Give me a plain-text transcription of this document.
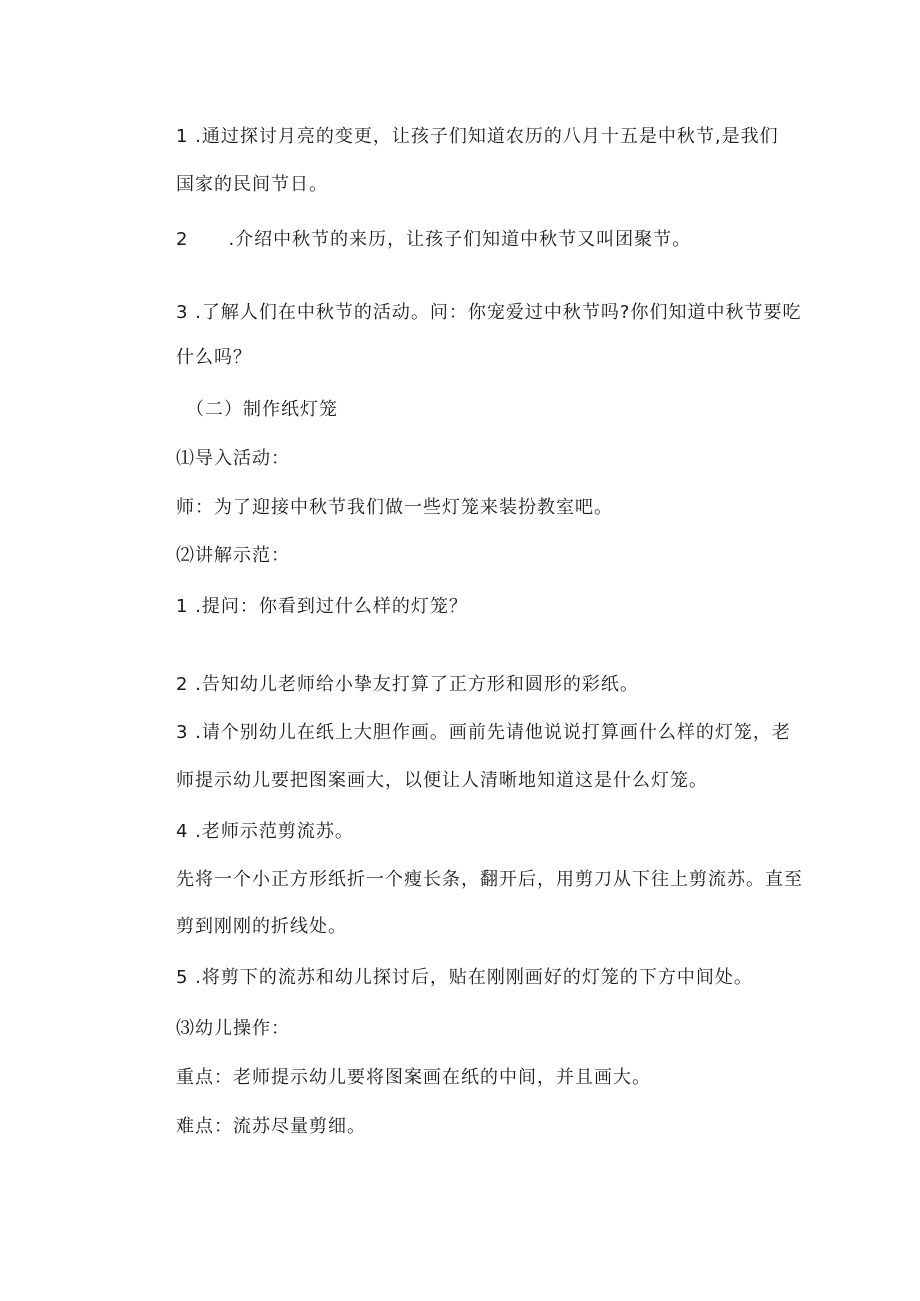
1 .通过探讨月亮的变更，让孩子们知道农历的八月十五是中秋节,是我们
国家的民间节日。
2 .介绍中秋节的来历，让孩子们知道中秋节又叫团聚节。
3 .了解人们在中秋节的活动。问：你宠爱过中秋节吗?你们知道中秋节要吃
什么吗？
（二）制作纸灯笼
⑴导入活动：
师：为了迎接中秋节我们做一些灯笼来装扮教室吧。
⑵讲解示范：
1 .提问：你看到过什么样的灯笼？
2 .告知幼儿老师给小挚友打算了正方形和圆形的彩纸。
3 .请个别幼儿在纸上大胆作画。画前先请他说说打算画什么样的灯笼，老
师提示幼儿要把图案画大，以便让人清晰地知道这是什么灯笼。
4 .老师示范剪流苏。
先将一个小正方形纸折一个瘦长条，翻开后，用剪刀从下往上剪流苏。直至
剪到刚刚的折线处。
5 .将剪下的流苏和幼儿探讨后，贴在刚刚画好的灯笼的下方中间处。
⑶幼儿操作：
重点：老师提示幼儿要将图案画在纸的中间，并且画大。
难点：流苏尽量剪细。
